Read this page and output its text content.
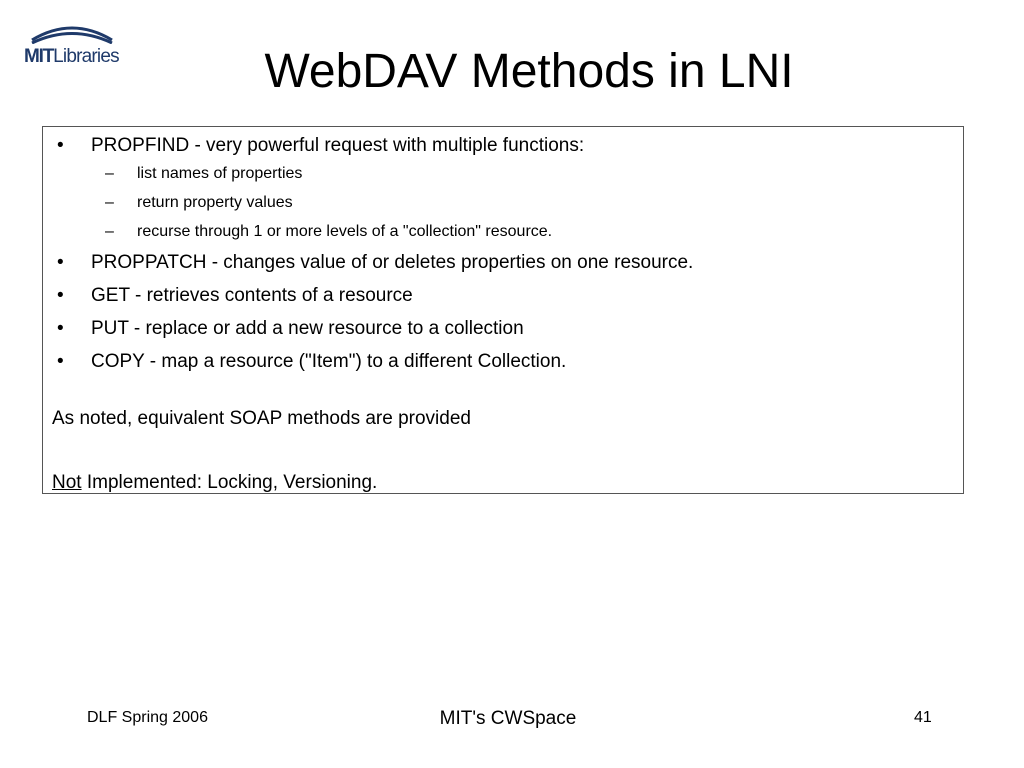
MITLibraries	WebDAV Methods in LNI
• PROPFIND - very powerful request with multiple functions:
– list names of properties
– return property values
– recurse through 1 or more levels of a "collection" resource.
• PROPPATCH - changes value of or deletes properties on one resource.
• GET - retrieves contents of a resource
• PUT - replace or add a new resource to a collection
• COPY - map a resource ("Item") to a different Collection.

As noted, equivalent SOAP methods are provided

Not Implemented: Locking, Versioning.

DLF Spring 2006	MIT's CWSpace	41
